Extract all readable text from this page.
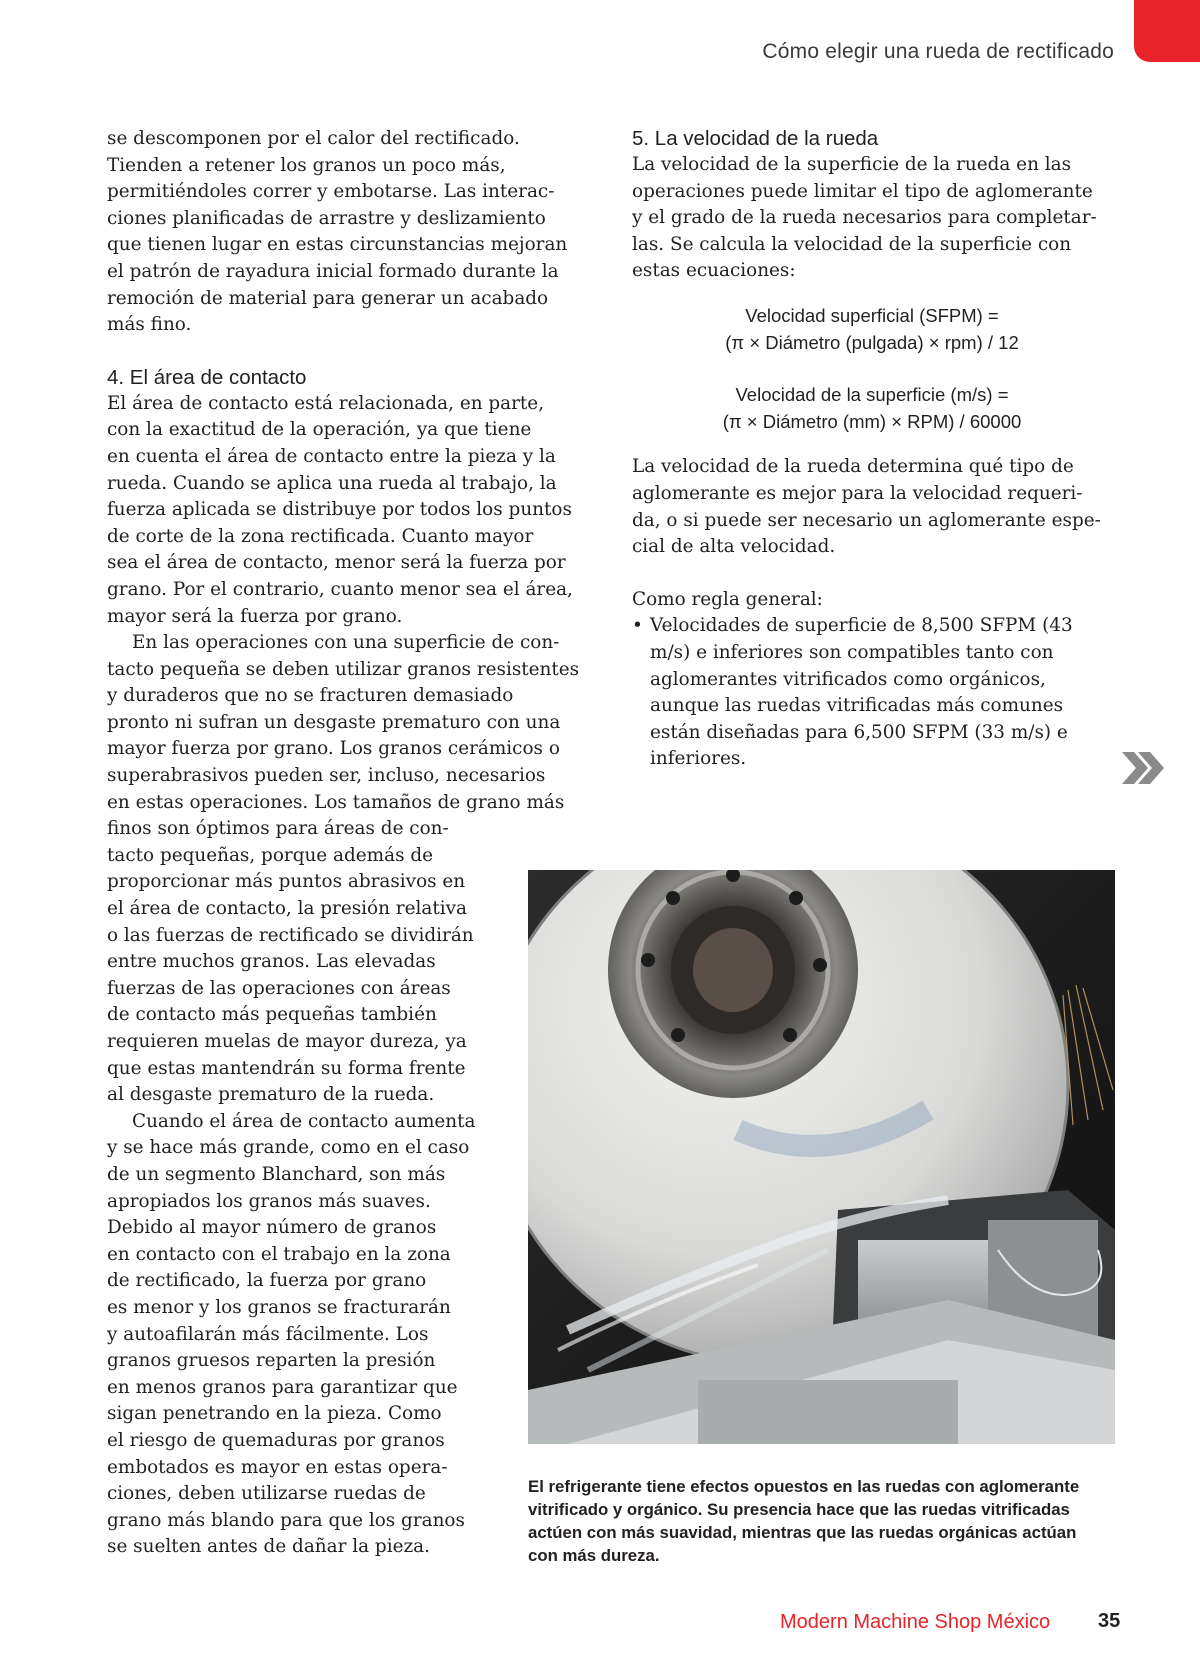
Cómo elegir una rueda de rectificado

se descomponen por el calor del rectificado.
Tienden a retener los granos un poco más,
permitiéndoles correr y embotarse. Las interac-
ciones planificadas de arrastre y deslizamiento
que tienen lugar en estas circunstancias mejoran
el patrón de rayadura inicial formado durante la
remoción de material para generar un acabado
más fino.

4. El área de contacto

El área de contacto está relacionada, en parte,
con la exactitud de la operación, ya que tiene
en cuenta el área de contacto entre la pieza y la
rueda. Cuando se aplica una rueda al trabajo, la
fuerza aplicada se distribuye por todos los puntos
de corte de la zona rectificada. Cuanto mayor
sea el área de contacto, menor será la fuerza por
grano. Por el contrario, cuanto menor sea el área,
mayor será la fuerza por grano.

En las operaciones con una superficie de con-
tacto pequeña se deben utilizar granos resistentes
y duraderos que no se fracturen demasiado
pronto ni sufran un desgaste prematuro con una
mayor fuerza por grano. Los granos cerámicos o
superabrasivos pueden ser, incluso, necesarios
en estas operaciones. Los tamaños de grano más
finos son óptimos para áreas de con-
tacto pequeñas, porque además de
proporcionar más puntos abrasivos en
el área de contacto, la presión relativa
o las fuerzas de rectificado se dividirán
entre muchos granos. Las elevadas
fuerzas de las operaciones con áreas
de contacto más pequeñas también
requieren muelas de mayor dureza, ya
que estas mantendrán su forma frente
al desgaste prematuro de la rueda.

Cuando el área de contacto aumenta
y se hace más grande, como en el caso
de un segmento Blanchard, son más
apropiados los granos más suaves.
Debido al mayor número de granos
en contacto con el trabajo en la zona
de rectificado, la fuerza por grano
es menor y los granos se fracturarán
y autoafilarán más fácilmente. Los
granos gruesos reparten la presión
en menos granos para garantizar que
sigan penetrando en la pieza. Como
el riesgo de quemaduras por granos
embotados es mayor en estas opera-
ciones, deben utilizarse ruedas de
grano más blando para que los granos
se suelten antes de dañar la pieza.

5. La velocidad de la rueda

La velocidad de la superficie de la rueda en las
operaciones puede limitar el tipo de aglomerante
y el grado de la rueda necesarios para completar-
las. Se calcula la velocidad de la superficie con
estas ecuaciones:

Velocidad superficial (SFPM) =
(π × Diámetro (pulgada) × rpm) / 12
Velocidad de la superficie (m/s) =
(π × Diámetro (mm) × RPM) / 60000

La velocidad de la rueda determina qué tipo de
aglomerante es mejor para la velocidad requeri-
da, o si puede ser necesario un aglomerante espe-
cial de alta velocidad.

Como regla general:

• Velocidades de superficie de 8,500 SFPM (43
m/s) e inferiores son compatibles tanto con
aglomerantes vitrificados como orgánicos,
aunque las ruedas vitrificadas más comunes
están diseñadas para 6,500 SFPM (33 m/s) e
inferiores.
El refrigerante tiene efectos opuestos en las ruedas con aglomerante
vitrificado y orgánico. Su presencia hace que las ruedas vitrificadas
actúen con más suavidad, mientras que las ruedas orgánicas actúan
con más dureza.
Modern Machine Shop México 35
